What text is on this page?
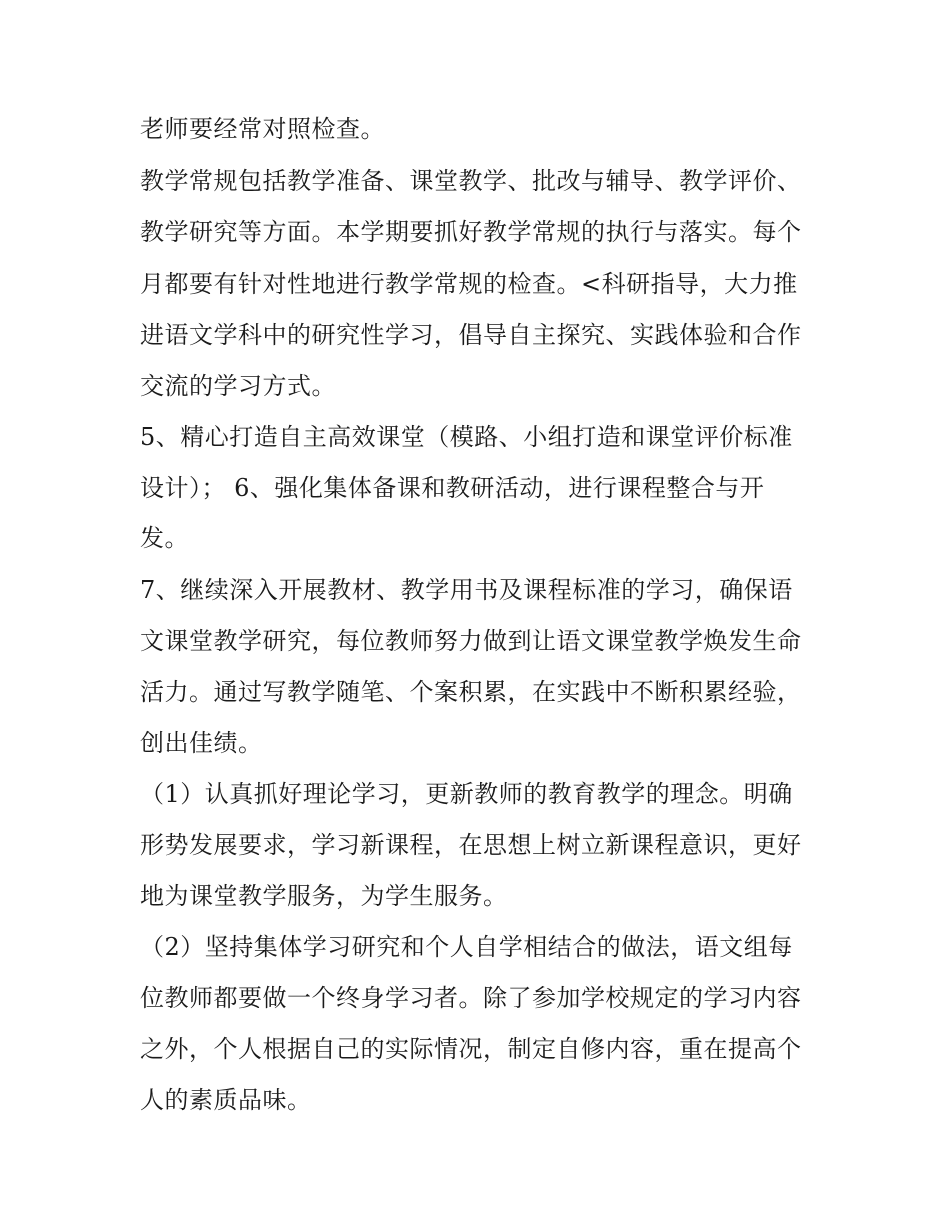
老师要经常对照检查。
教学常规包括教学准备、课堂教学、批改与辅导、教学评价、
教学研究等方面。本学期要抓好教学常规的执行与落实。每个
月都要有针对性地进行教学常规的检查。<科研指导，大力推
进语文学科中的研究性学习，倡导自主探究、实践体验和合作
交流的学习方式。
5、精心打造自主高效课堂（模路、小组打造和课堂评价标准
设计）； 6、强化集体备课和教研活动，进行课程整合与开
发。
7、继续深入开展教材、教学用书及课程标准的学习，确保语
文课堂教学研究，每位教师努力做到让语文课堂教学焕发生命
活力。通过写教学随笔、个案积累，在实践中不断积累经验，
创出佳绩。
（1）认真抓好理论学习，更新教师的教育教学的理念。明确
形势发展要求，学习新课程，在思想上树立新课程意识，更好
地为课堂教学服务，为学生服务。
（2）坚持集体学习研究和个人自学相结合的做法，语文组每
位教师都要做一个终身学习者。除了参加学校规定的学习内容
之外，个人根据自己的实际情况，制定自修内容，重在提高个
人的素质品味。
